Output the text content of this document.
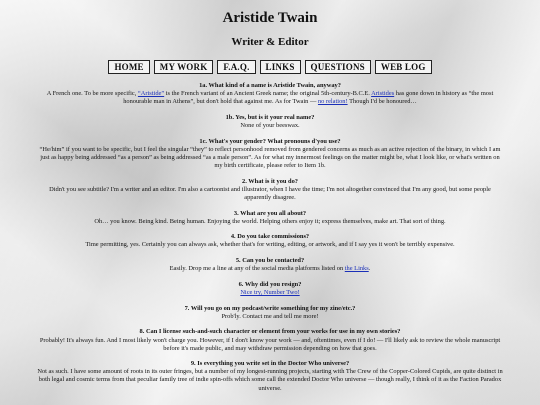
Aristide Twain
Writer & Editor
HOME	MY WORK	F.A.Q.	LINKS	QUESTIONS	WEB LOG
1a. What kind of a name is Aristide Twain, anyway?
A French one. To be more specific, “Aristide” is the French variant of an Ancient Greek name; the original 5th-century-B.C.E. Aristides has gone down in history as “the most honourable man in Athens”, but don't hold that against me. As for Twain — no relation! Though I'd be honoured…
1b. Yes, but is it your real name?
None of your beeswax.
1c. What's your gender? What pronouns d'you use?
“He/him” if you want to be specific, but I feel the singular “they” to reflect personhood removed from gendered concerns as much as an active rejection of the binary, in which I am just as happy being addressed “as a person” as being addressed “as a male person”. As for what my innermost feelings on the matter might be, what I look like, or what's written on my birth certificate, please refer to Item 1b.
2. What is it you do?
Didn't you see subtitle? I'm a writer and an editor. I'm also a cartoonist and illustrator, when I have the time; I'm not altogether convinced that I'm any good, but some people apparently disagree.
3. What are you all about?
Oh… you know. Being kind. Being human. Enjoying the world. Helping others enjoy it; express themselves, make art. That sort of thing.
4. Do you take commissions?
Time permitting, yes. Certainly you can always ask, whether that's for writing, editing, or artwork, and if I say yes it won't be terribly expensive.
5. Can you be contacted?
Easily. Drop me a line at any of the social media platforms listed on the Links.
6. Why did you resign?
Nice try, Number Two!
7. Will you go on my podcast/write something for my zine/etc.?
Prob'ly. Contact me and tell me more!
8. Can I license such-and-such character or element from your works for use in my own stories?
Probably! It's always fun. And I most likely won't charge you. However, if I don't know your work — and, oftentimes, even if I do! — I'll likely ask to review the whole manuscript before it's made public, and may withdraw permission depending on how that goes.
9. Is everything you write set in the Doctor Who universe?
Not as such. I have some amount of roots in its outer fringes, but a number of my longest-running projects, starting with The Crew of the Copper-Colored Cupids, are quite distinct in both legal and cosmic terms from that peculiar family tree of indie spin-offs which some call the extended Doctor Who universe — though really, I think of it as the Faction Paradox universe.
